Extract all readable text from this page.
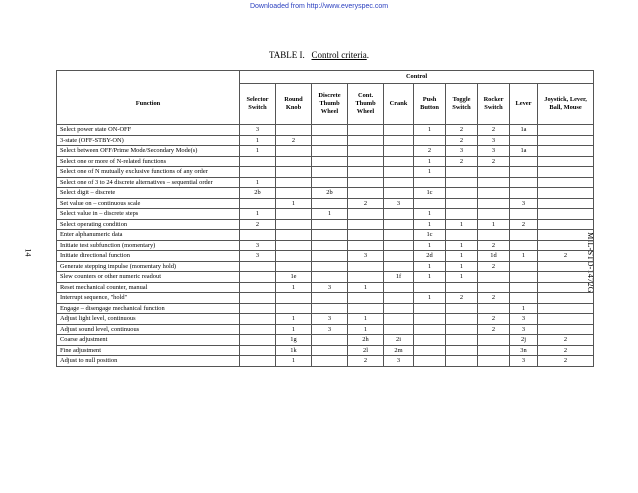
Downloaded from http://www.everyspec.com
TABLE I. Control criteria.
14	MIL-STD-1472G
	Control									
Function	Selector Switch	Round Knob	Discrete Thumb Wheel	Cont. Thumb Wheel	Crank	Push Button	Toggle Switch	Rocker Switch	Lever	Joystick, Lever, Ball, Mouse
Select power state ON-OFF	3					1	2	2	1a	
3-state (OFF-STBY-ON)	1	2					2	3		
Select between OFF/Prime Mode/Secondary Mode(s)	1					2	3	3	1a	
Select one or more of N-related functions						1	2	2		
Select one of N mutually exclusive functions of any order						1				
Select one of 3 to 24 discrete alternatives – sequential order	1									
Select digit – discrete	2b		2b			1c				
Set value on – continuous scale		1		2	3				3	
Select value in – discrete steps	1		1			1				
Select operating condition	2					1	1	1	2	
Enter alphanumeric data						1c				
Initiate test subfunction (momentary)	3					1	1	2		
Initiate directional function	3			3		2d	1	1d	1	2
Generate stepping impulse (momentary hold)						1	1	2		
Slew counters or other numeric readout		1e			1f	1	1			
Reset mechanical counter, manual		1	3	1						
Interrupt sequence, "hold"						1	2	2		
Engage – disengage mechanical function									1	
Adjust light level, continuous		1	3	1				2	3	
Adjust sound level, continuous		1	3	1				2	3	
Coarse adjustment		1g		2h	2i				2j	2
Fine adjustment		1k		2l	2m				3n	2
Adjust to null position		1		2	3				3	2
